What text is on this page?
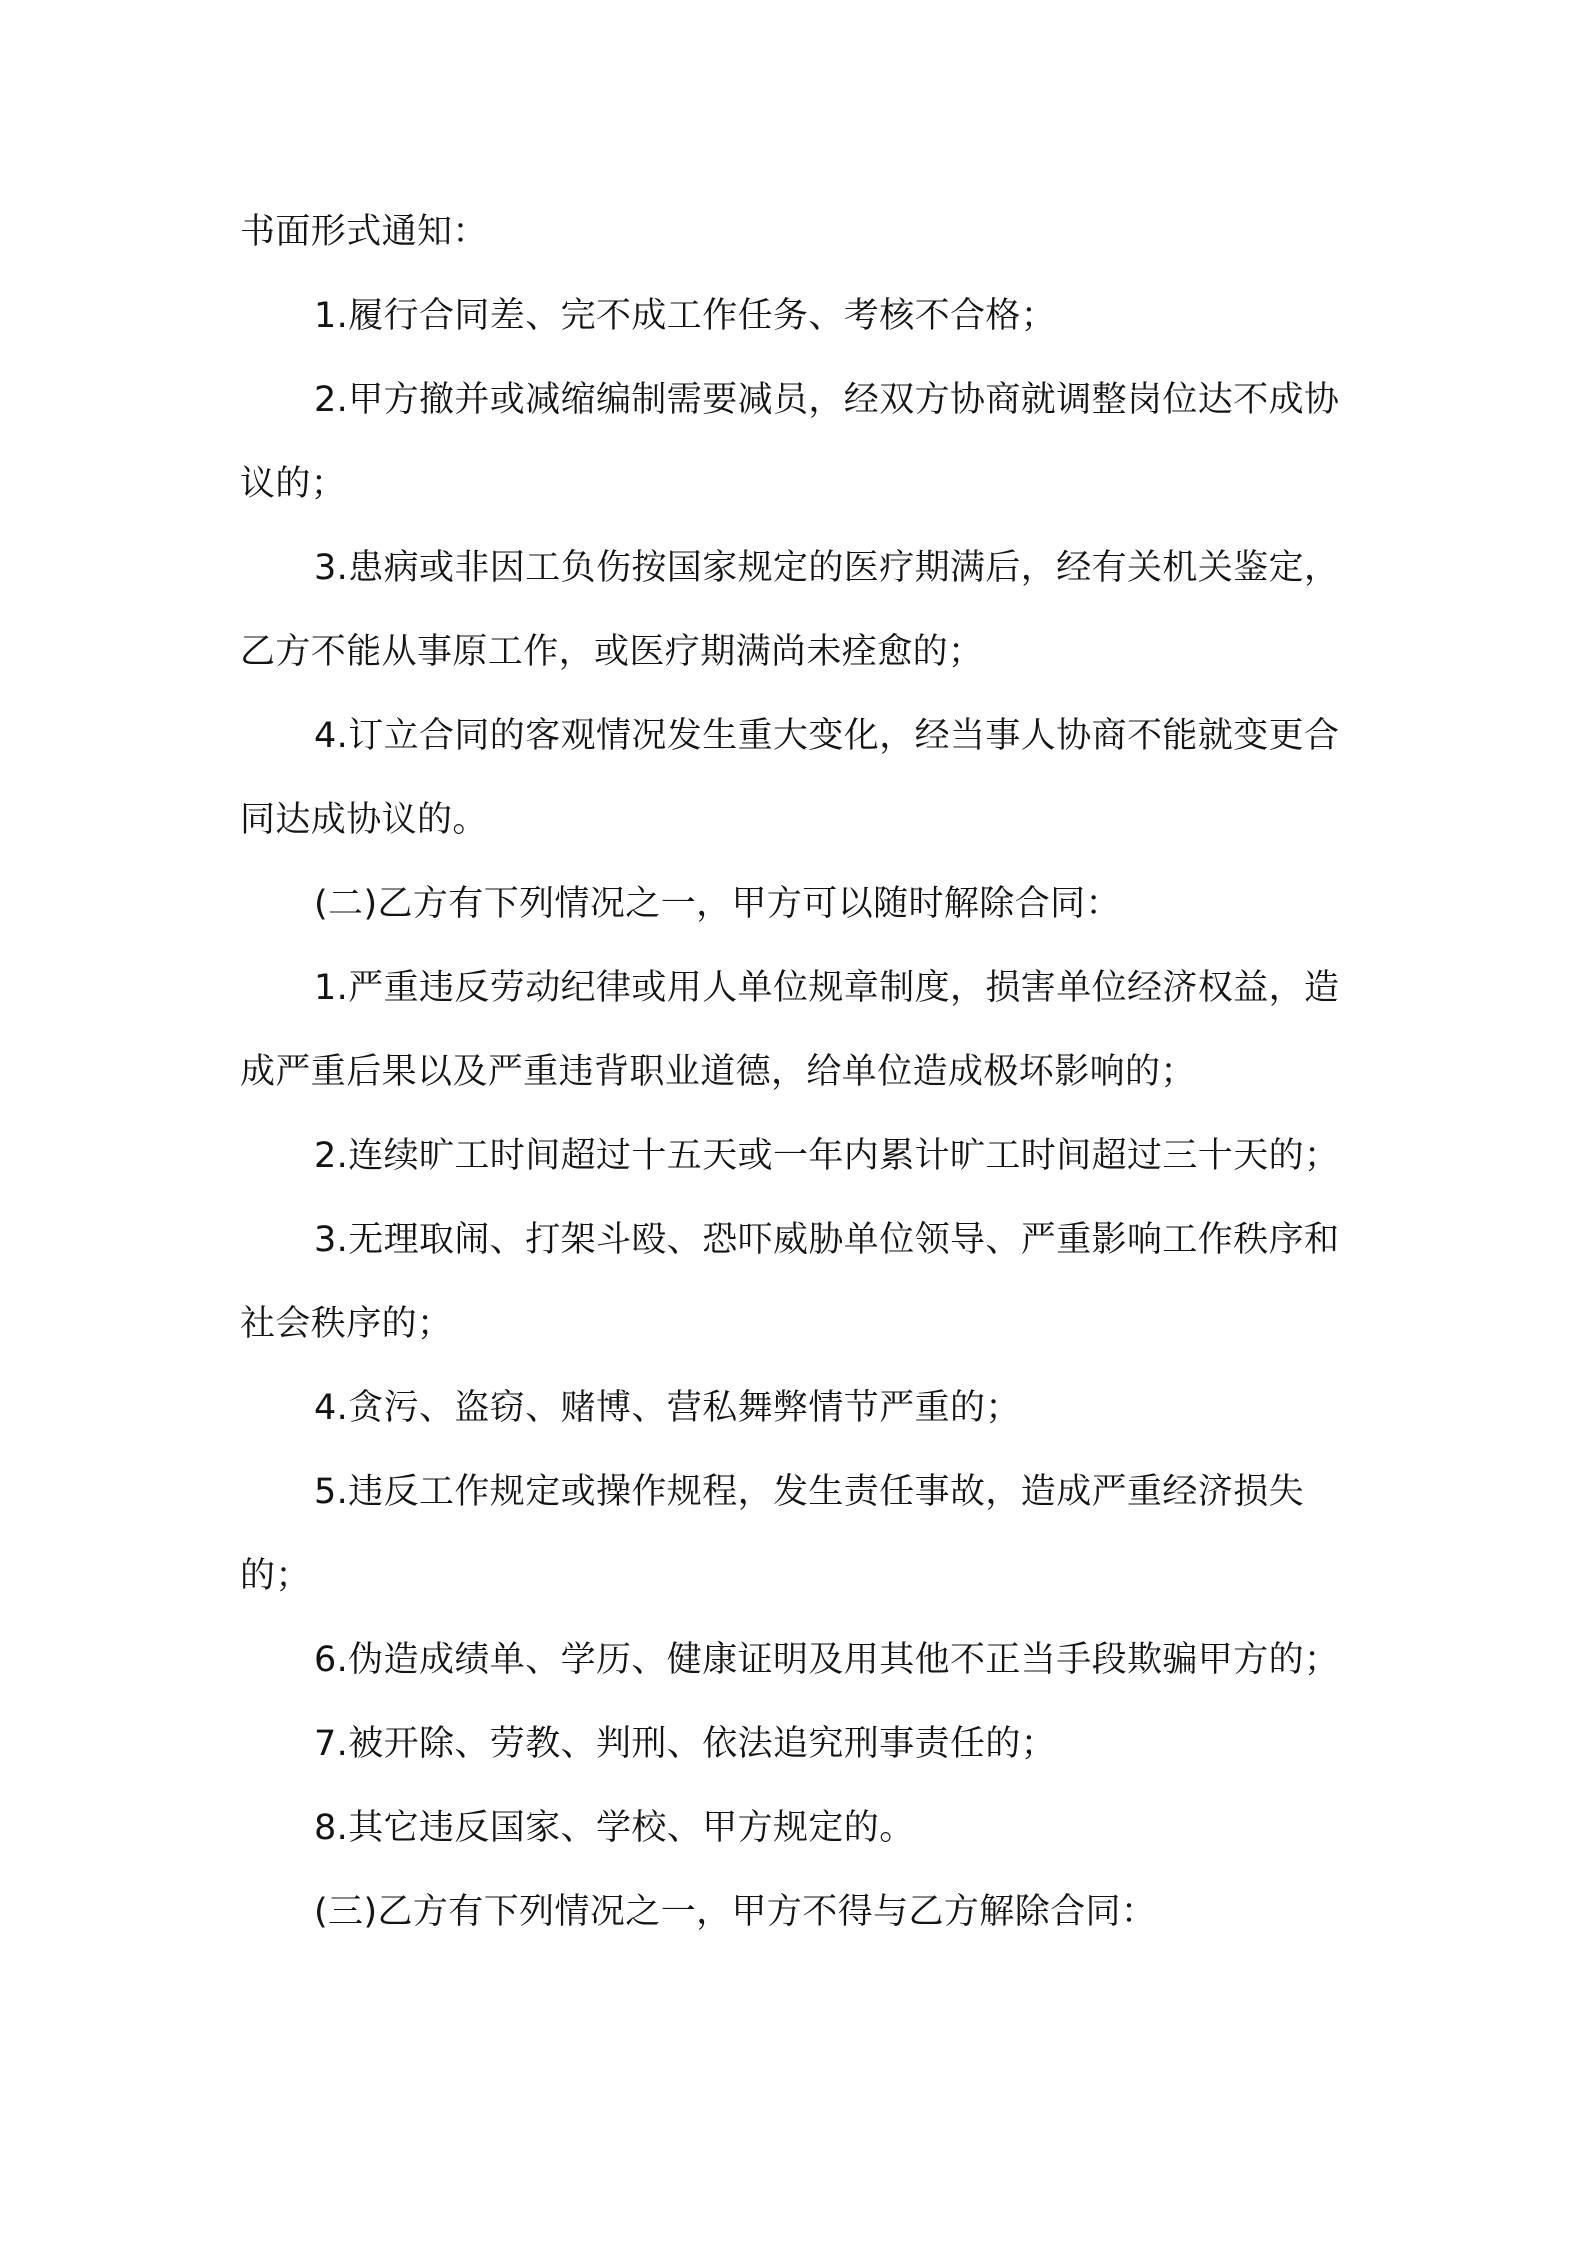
书面形式通知：

1.履行合同差、完不成工作任务、考核不合格；

2.甲方撤并或减缩编制需要减员，经双方协商就调整岗位达不成协议的；

3.患病或非因工负伤按国家规定的医疗期满后，经有关机关鉴定，乙方不能从事原工作，或医疗期满尚未痊愈的；

4.订立合同的客观情况发生重大变化，经当事人协商不能就变更合同达成协议的。

(二)乙方有下列情况之一，甲方可以随时解除合同：

1.严重违反劳动纪律或用人单位规章制度，损害单位经济权益，造成严重后果以及严重违背职业道德，给单位造成极坏影响的；

2.连续旷工时间超过十五天或一年内累计旷工时间超过三十天的；

3.无理取闹、打架斗殴、恐吓威胁单位领导、严重影响工作秩序和社会秩序的；

4.贪污、盗窃、赌博、营私舞弊情节严重的；

5.违反工作规定或操作规程，发生责任事故，造成严重经济损失的；

6.伪造成绩单、学历、健康证明及用其他不正当手段欺骗甲方的；

7.被开除、劳教、判刑、依法追究刑事责任的；

8.其它违反国家、学校、甲方规定的。

(三)乙方有下列情况之一，甲方不得与乙方解除合同：
